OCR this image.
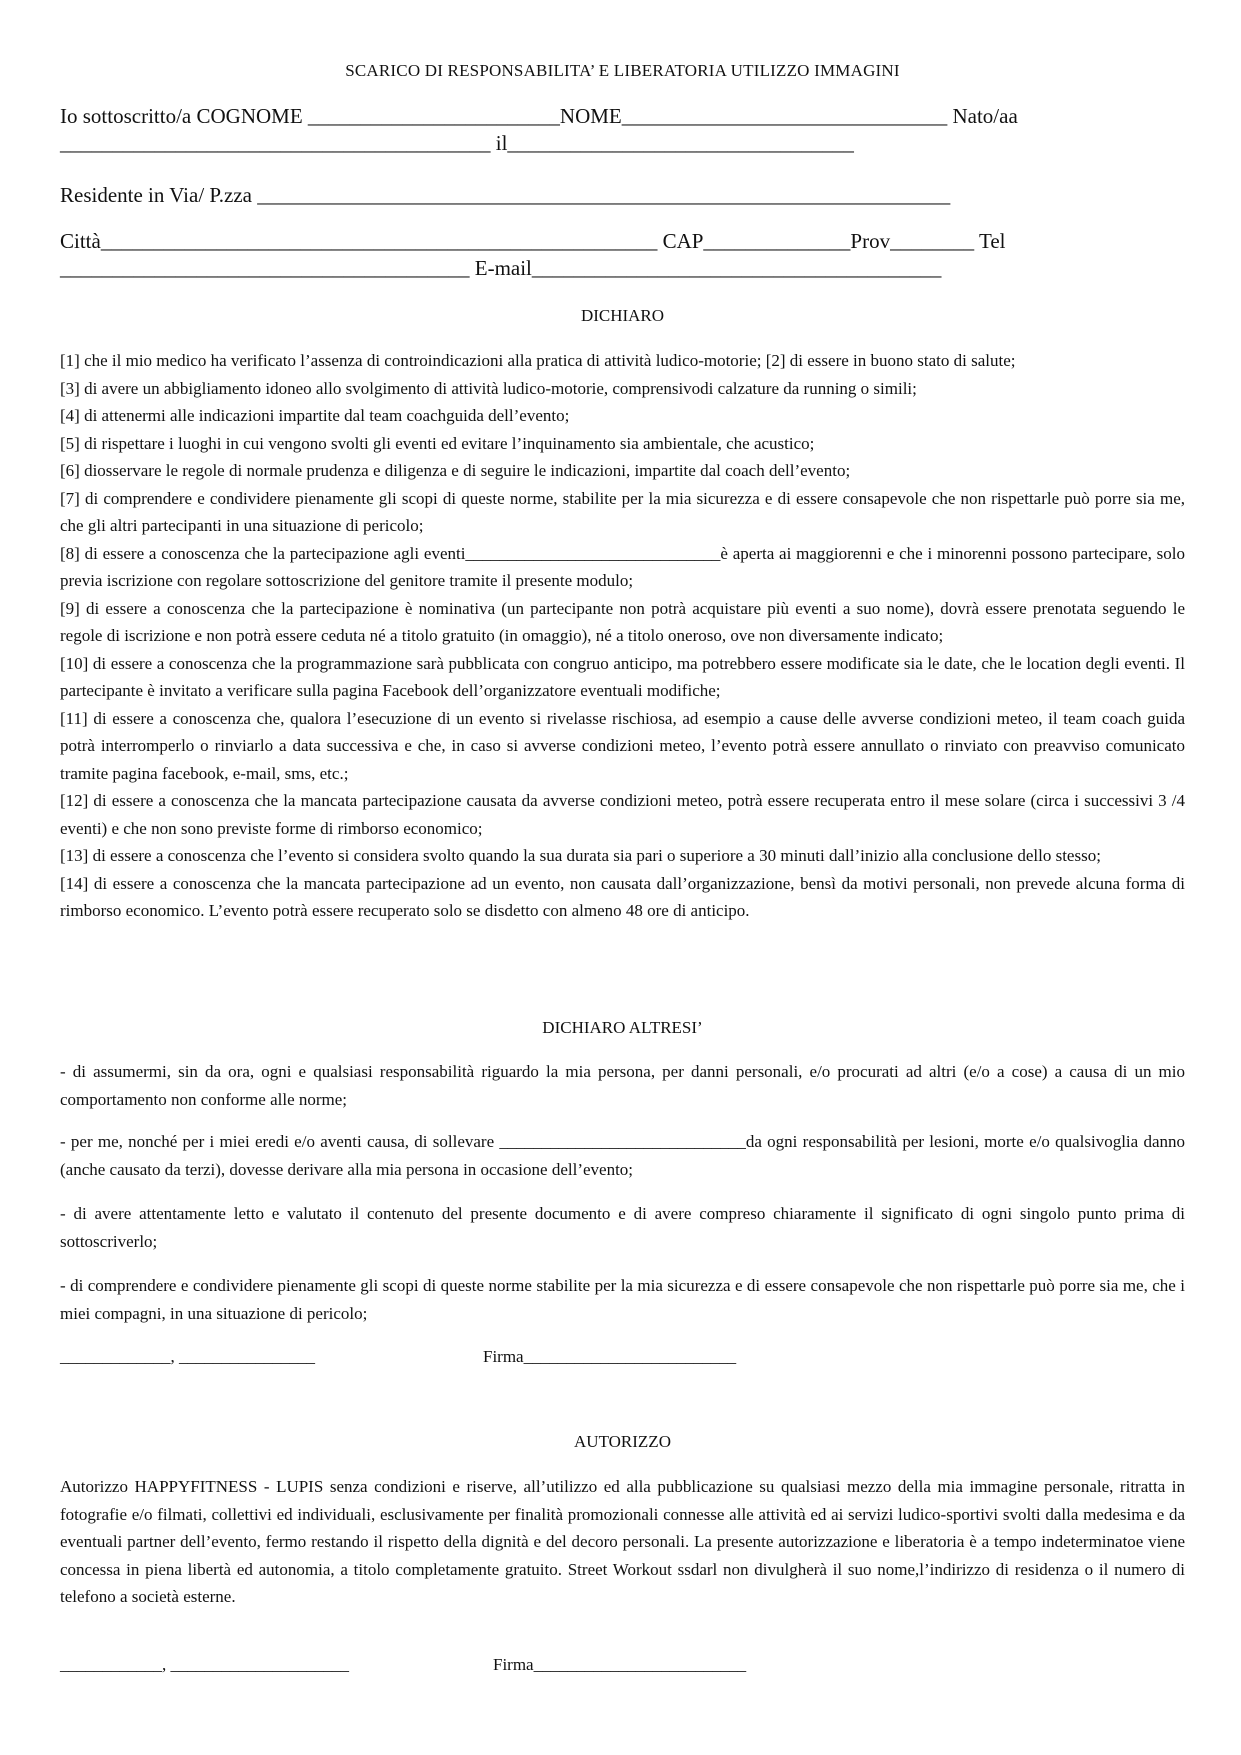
SCARICO DI RESPONSABILITA’ E LIBERATORIA UTILIZZO IMMAGINI
Io sottoscritto/a COGNOME ________________________NOME_______________________________ Nato/aa
_________________________________________ il_________________________________
Residente in Via/ P.zza __________________________________________________________________
Città_____________________________________________________ CAP______________Prov________ Tel
_______________________________________ E-mail_______________________________________
DICHIARO

[1] che il mio medico ha verificato l’assenza di controindicazioni alla pratica di attività ludico-motorie; [2] di essere in buono stato di salute;

[3] di avere un abbigliamento idoneo allo svolgimento di attività ludico-motorie, comprensivodi calzature da running o simili;

[4] di attenermi alle indicazioni impartite dal team coachguida dell’evento;

[5] di rispettare i luoghi in cui vengono svolti gli eventi ed evitare l’inquinamento sia ambientale, che acustico;

[6] diosservare le regole di normale prudenza e diligenza e di seguire le indicazioni, impartite dal coach dell’evento;

[7] di comprendere e condividere pienamente gli scopi di queste norme, stabilite per la mia sicurezza e di essere consapevole che non rispettarle può porre sia me, che gli altri partecipanti in una situazione di pericolo;

[8] di essere a conoscenza che la partecipazione agli eventi______________________________è aperta ai maggiorenni e che i minorenni possono partecipare, solo previa iscrizione con regolare sottoscrizione del genitore tramite il presente modulo;

[9] di essere a conoscenza che la partecipazione è nominativa (un partecipante non potrà acquistare più eventi a suo nome), dovrà essere prenotata seguendo le regole di iscrizione e non potrà essere ceduta né a titolo gratuito (in omaggio), né a titolo oneroso, ove non diversamente indicato;

[10] di essere a conoscenza che la programmazione sarà pubblicata con congruo anticipo, ma potrebbero essere modificate sia le date, che le location degli eventi. Il partecipante è invitato a verificare sulla pagina Facebook dell’organizzatore eventuali modifiche;

[11] di essere a conoscenza che, qualora l’esecuzione di un evento si rivelasse rischiosa, ad esempio a cause delle avverse condizioni meteo, il team coach guida potrà interromperlo o rinviarlo a data successiva e che, in caso si avverse condizioni meteo, l’evento potrà essere annullato o rinviato con preavviso comunicato tramite pagina facebook, e-mail, sms, etc.;

[12] di essere a conoscenza che la mancata partecipazione causata da avverse condizioni meteo, potrà essere recuperata entro il mese solare (circa i successivi 3 /4 eventi) e che non sono previste forme di rimborso economico;

[13] di essere a conoscenza che l’evento si considera svolto quando la sua durata sia pari o superiore a 30 minuti dall’inizio alla conclusione dello stesso;

[14] di essere a conoscenza che la mancata partecipazione ad un evento, non causata dall’organizzazione, bensì da motivi personali, non prevede alcuna forma di rimborso economico. L’evento potrà essere recuperato solo se disdetto con almeno 48 ore di anticipo.

DICHIARO ALTRESI’
- di assumermi, sin da ora, ogni e qualsiasi responsabilità riguardo la mia persona, per danni personali, e/o procurati ad altri (e/o a cose) a causa di un mio comportamento non conforme alle norme;
- per me, nonché per i miei eredi e/o aventi causa, di sollevare _____________________________da ogni responsabilità per lesioni, morte e/o qualsivoglia danno (anche causato da terzi), dovesse derivare alla mia persona in occasione dell’evento;
- di avere attentamente letto e valutato il contenuto del presente documento e di avere compreso chiaramente il significato di ogni singolo punto prima di sottoscriverlo;
- di comprendere e condividere pienamente gli scopi di queste norme stabilite per la mia sicurezza e di essere consapevole che non rispettarle può porre sia me, che i miei compagni, in una situazione di pericolo;
_____________, ________________	Firma_________________________
AUTORIZZO
Autorizzo HAPPYFITNESS - LUPIS senza condizioni e riserve, all’utilizzo ed alla pubblicazione su qualsiasi mezzo della mia immagine personale, ritratta in fotografie e/o filmati, collettivi ed individuali, esclusivamente per finalità promozionali connesse alle attività ed ai servizi ludico-sportivi svolti dalla medesima e da eventuali partner dell’evento, fermo restando il rispetto della dignità e del decoro personali. La presente autorizzazione e liberatoria è a tempo indeterminatoe viene concessa in piena libertà ed autonomia, a titolo completamente gratuito. Street Workout ssdarl non divulgherà il suo nome,l’indirizzo di residenza o il numero di telefono a società esterne.
____________, _____________________	Firma_________________________
